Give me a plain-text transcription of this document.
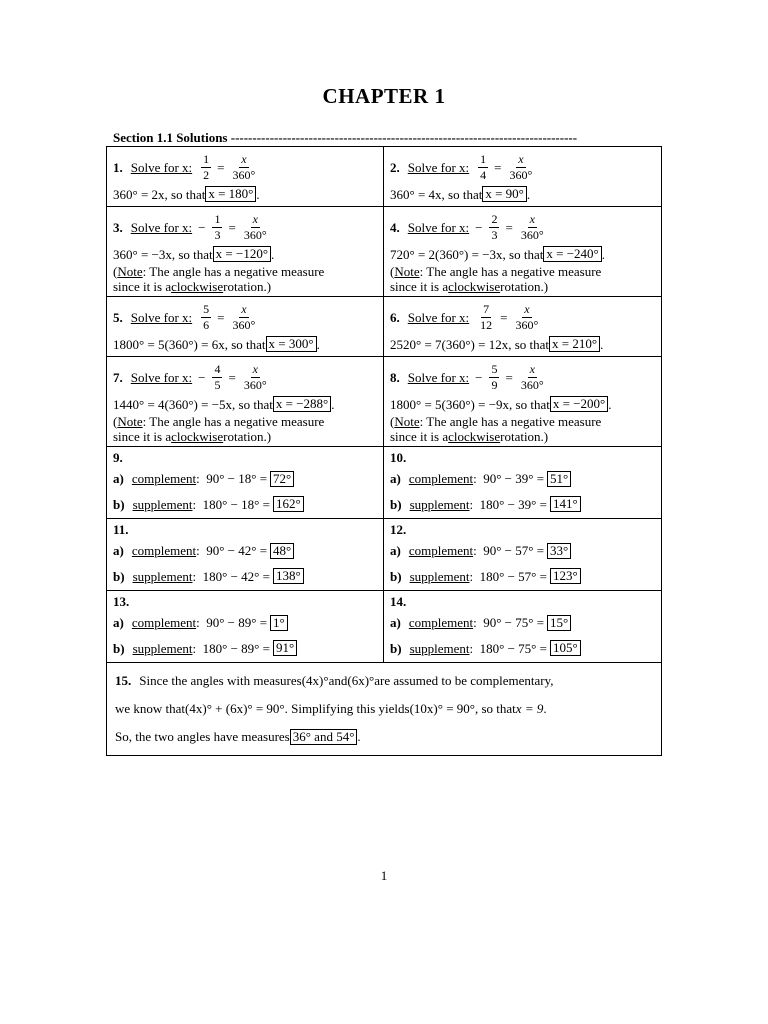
CHAPTER 1
Section 1.1 Solutions --------------------------------------------------------------------------------
1. Solve for x: $\frac{1}{2} = \frac{x}{360^\circ}$
360° = 2x, so that x = 180° .
2. Solve for x: $\frac{1}{4} = \frac{x}{360^\circ}$
360° = 4x, so that x = 90° .
3. Solve for x: − $\frac{1}{3} = \frac{x}{360^\circ}$
360° = −3x, so that x = −120° .
( Note : The angle has a negative measure
since it is a clockwise rotation.)
4. Solve for x: − $\frac{2}{3} = \frac{x}{360^\circ}$
720° = 2(360°) = −3x, so that x = −240° .
( Note : The angle has a negative measure
since it is a clockwise rotation.)
5. Solve for x: $\frac{5}{6} = \frac{x}{360^\circ}$
1800° = 5(360°) = 6x, so that x = 300° .
6. Solve for x: $\frac{7}{12} = \frac{x}{360^\circ}$
2520° = 7(360°) = 12x, so that x = 210° .
7. Solve for x: − $\frac{4}{5} = \frac{x}{360^\circ}$
1440° = 4(360°) = −5x, so that x = −288° .
( Note : The angle has a negative measure
since it is a clockwise rotation.)
8. Solve for x: − $\frac{5}{9} = \frac{x}{360^\circ}$
1800° = 5(360°) = −9x, so that x = −200° .
( Note : The angle has a negative measure
since it is a clockwise rotation.)
9.
a) complement : 90° − 18° = 72°
b) supplement : 180° − 18° = 162°
10.
a) complement : 90° − 39° = 51°
b) supplement : 180° − 39° = 141°
11.
a) complement : 90° − 42° = 48°
b) supplement : 180° − 42° = 138°
12.
a) complement : 90° − 57° = 33°
b) supplement : 180° − 57° = 123°
13.
a) complement : 90° − 89° = 1°
b) supplement : 180° − 89° = 91°
14.
a) complement : 90° − 75° = 15°
b) supplement : 180° − 75° = 105°
15. Since the angles with measures (4x)° and (6x)° are assumed to be complementary,
we know that (4x)° + (6x)° = 90° . Simplifying this yields (10x)° = 90° , so that x = 9 .
So, the two angles have measures 36° and 54° .
1
